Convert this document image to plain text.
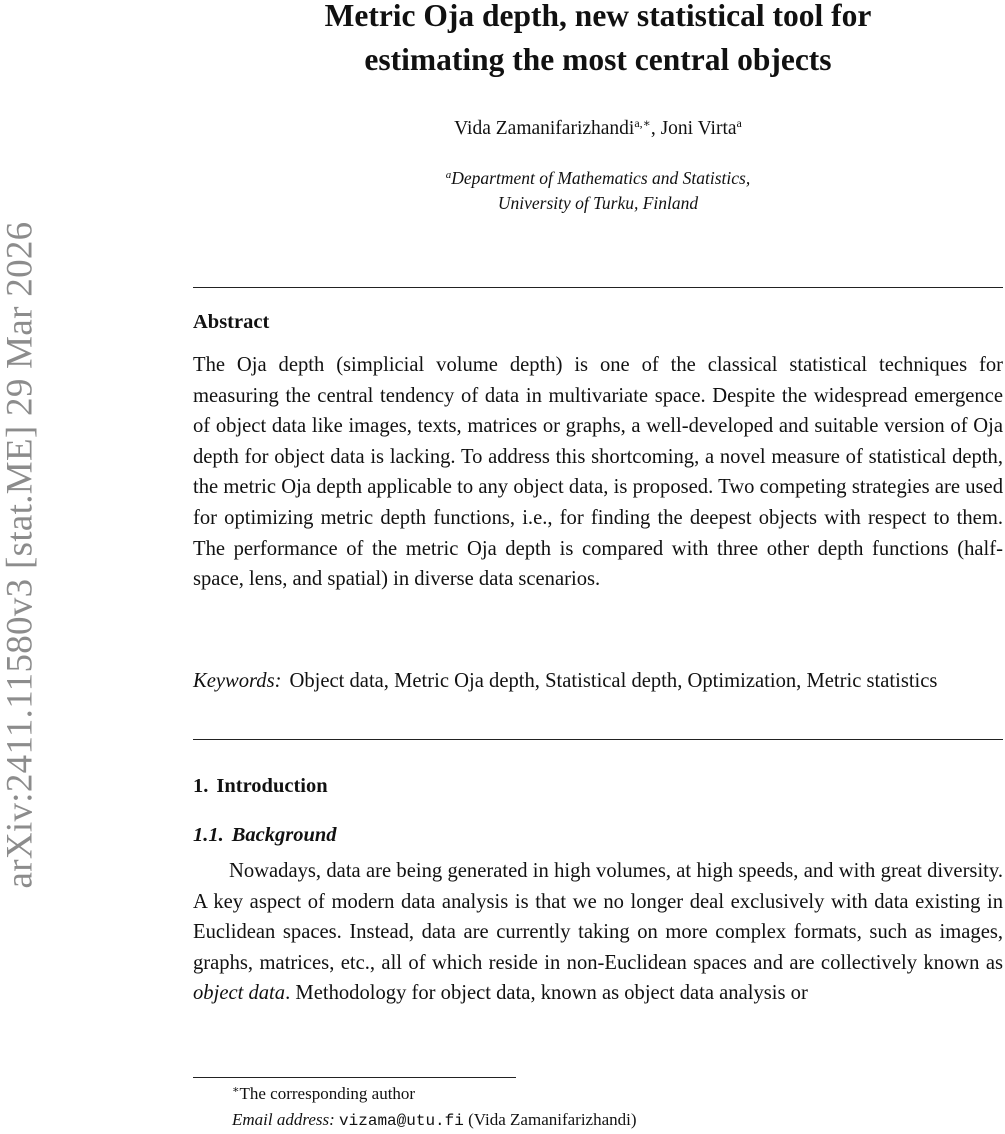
arXiv:2411.11580v3 [stat.ME] 29 Mar 2026
Metric Oja depth, new statistical tool for
estimating the most central objects
Vida Zamanifarizhandi$^{a,∗}$, Joni Virta$^a$
$^a$Department of Mathematics and Statistics,
University of Turku, Finland
Abstract

The Oja depth (simplicial volume depth) is one of the classical statistical techniques for measuring the central tendency of data in multivariate space. Despite the widespread emergence of object data like images, texts, matrices or graphs, a well-developed and suitable version of Oja depth for object data is lacking. To address this shortcoming, a novel measure of statistical depth, the metric Oja depth applicable to any object data, is proposed. Two competing strategies are used for optimizing metric depth functions, i.e., for finding the deepest objects with respect to them. The performance of the metric Oja depth is compared with three other depth functions (half-space, lens, and spatial) in diverse data scenarios.

Keywords: Object data, Metric Oja depth, Statistical depth, Optimization, Metric statistics

1. Introduction
1.1. Background

Nowadays, data are being generated in high volumes, at high speeds, and with great diversity. A key aspect of modern data analysis is that we no longer deal exclusively with data existing in Euclidean spaces. Instead, data are currently taking on more complex formats, such as images, graphs, matrices, etc., all of which reside in non-Euclidean spaces and are collectively known as object data. Methodology for object data, known as object data analysis or

∗The corresponding author
Email address: vizama@utu.fi (Vida Zamanifarizhandi)
